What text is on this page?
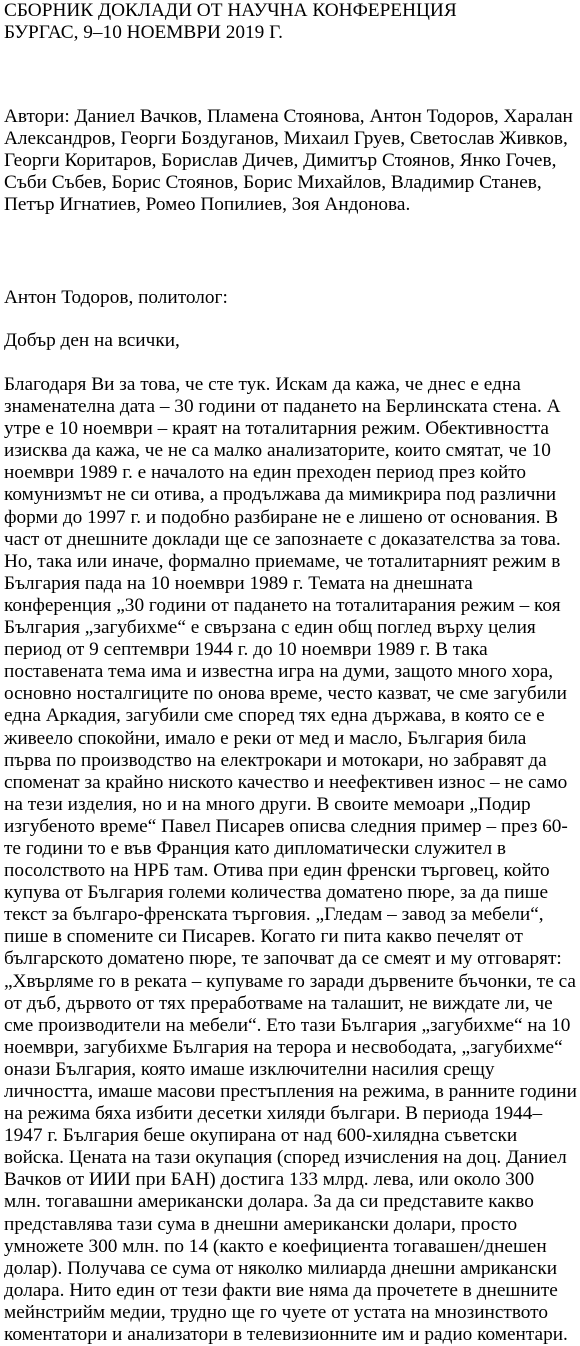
СБОРНИК ДОКЛАДИ ОТ НАУЧНА КОНФЕРЕНЦИЯ
БУРГАС, 9–10 НОЕМВРИ 2019 Г.

Автори: Даниел Вачков, Пламена Стоянова, Антон Тодоров, Харалан
Александров, Георги Боздуганов, Михаил Груев, Светослав Живков,
Георги Коритаров, Борислав Дичев, Димитър Стоянов, Янко Гочев,
Съби Събев, Борис Стоянов, Борис Михайлов, Владимир Станев,
Петър Игнатиев, Ромео Попилиев, Зоя Андонова.

Антон Тодоров, политолог:

Добър ден на всички,

Благодаря Ви за това, че сте тук. Искам да кажа, че днес е една
знаменателна дата – 30 години от падането на Берлинската стена. А
утре е 10 ноември – краят на тоталитарния режим. Обективността
изисква да кажа, че не са малко анализаторите, които смятат, че 10
ноември 1989 г. е началото на един преходен период през който
комунизмът не си отива, а продължава да мимикрира под различни
форми до 1997 г. и подобно разбиране не е лишено от основания. В
част от днешните доклади ще се запознаете с доказателства за това.
Но, така или иначе, формално приемаме, че тоталитарният режим в
България пада на 10 ноември 1989 г. Темата на днешната
конференция „30 години от падането на тоталитарания режим – коя
България „загубихме“ е свързана с един общ поглед върху целия
период от 9 септември 1944 г. до 10 ноември 1989 г. В така
поставената тема има и известна игра на думи, защото много хора,
основно носталгиците по онова време, често казват, че сме загубили
една Аркадия, загубили сме според тях една държава, в която се е
живеело спокойни, имало е реки от мед и масло, България била
първа по производство на електрокари и мотокари, но забравят да
споменат за крайно ниското качество и неефективен износ – не само
на тези изделия, но и на много други. В своите мемоари „Подир
изгубеното време“ Павел Писарев описва следния пример – през 60-
те години то е във Франция като дипломатически служител в
посолството на НРБ там. Отива при един френски търговец, който
купува от България големи количества доматено пюре, за да пише
текст за българо-френската търговия. „Гледам – завод за мебели“,
пише в спомените си Писарев. Когато ги пита какво печелят от
българското доматено пюре, те започват да се смеят и му отговарят:
„Хвърляме го в реката – купуваме го заради дървените бъчонки, те са
от дъб, дървото от тях преработваме на талашит, не виждате ли, че
сме производители на мебели“. Ето тази България „загубихме“ на 10
ноември, загубихме България на терора и несвободата, „загубихме“
онази България, която имаше изключителни насилия срещу
личността, имаше масови престъпления на режима, в ранните години
на режима бяха избити десетки хиляди българи. В периода 1944–
1947 г. България беше окупирана от над 600-хилядна съветски
войска. Цената на тази окупация (според изчисления на доц. Даниел
Вачков от ИИИ при БАН) достига 133 млрд. лева, или около 300
млн. тогавашни американски долара. За да си представите какво
представлява тази сума в днешни американски долари, просто
умножете 300 млн. по 14 (както е коефициента тогавашен/днешен
долар). Получава се сума от няколко милиарда днешни амрикански
долара. Нито един от тези факти вие няма да прочетете в днешните
мейнстрийм медии, трудно ще го чуете от устата на мнозинството
коментатори и анализатори в телевизионните им и радио коментари.
